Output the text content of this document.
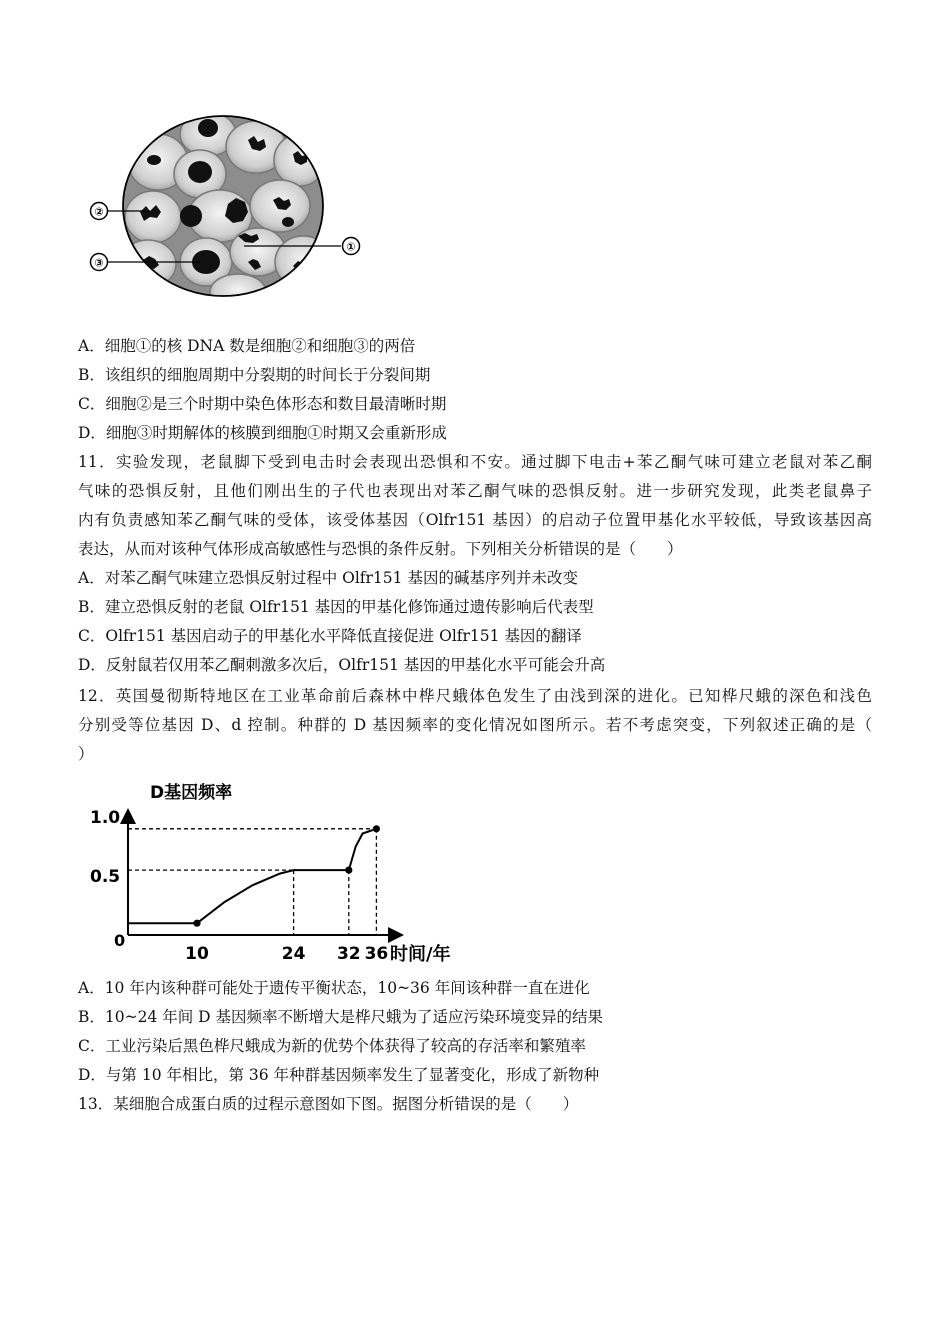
②
③
①
A．细胞①的核 DNA 数是细胞②和细胞③的两倍
B．该组织的细胞周期中分裂期的时间长于分裂间期
C．细胞②是三个时期中染色体形态和数目最清晰时期
D．细胞③时期解体的核膜到细胞①时期又会重新形成
11．实验发现，老鼠脚下受到电击时会表现出恐惧和不安。通过脚下电击+苯乙酮气味可建立老鼠对苯乙酮
气味的恐惧反射，且他们刚出生的子代也表现出对苯乙酮气味的恐惧反射。进一步研究发现，此类老鼠鼻子
内有负责感知苯乙酮气味的受体，该受体基因（Olfr151 基因）的启动子位置甲基化水平较低，导致该基因高
表达，从而对该种气体形成高敏感性与恐惧的条件反射。下列相关分析错误的是（　　）
A．对苯乙酮气味建立恐惧反射过程中 Olfr151 基因的碱基序列并未改变
B．建立恐惧反射的老鼠 Olfr151 基因的甲基化修饰通过遗传影响后代表型
C．Olfr151 基因启动子的甲基化水平降低直接促进 Olfr151 基因的翻译
D．反射鼠若仅用苯乙酮刺激多次后，Olfr151 基因的甲基化水平可能会升高
12．英国曼彻斯特地区在工业革命前后森林中桦尺蛾体色发生了由浅到深的进化。已知桦尺蛾的深色和浅色
分别受等位基因 D、d 控制。种群的 D 基因频率的变化情况如图所示。若不考虑突变，下列叙述正确的是（
）
D基因频率
时间/年
0
1.0
0.5
10	24 32 36
A．10 年内该种群可能处于遗传平衡状态，10~36 年间该种群一直在进化
B．10~24 年间 D 基因频率不断增大是桦尺蛾为了适应污染环境变异的结果
C．工业污染后黑色桦尺蛾成为新的优势个体获得了较高的存活率和繁殖率
D．与第 10 年相比，第 36 年种群基因频率发生了显著变化，形成了新物种
13．某细胞合成蛋白质的过程示意图如下图。据图分析错误的是（　　）
